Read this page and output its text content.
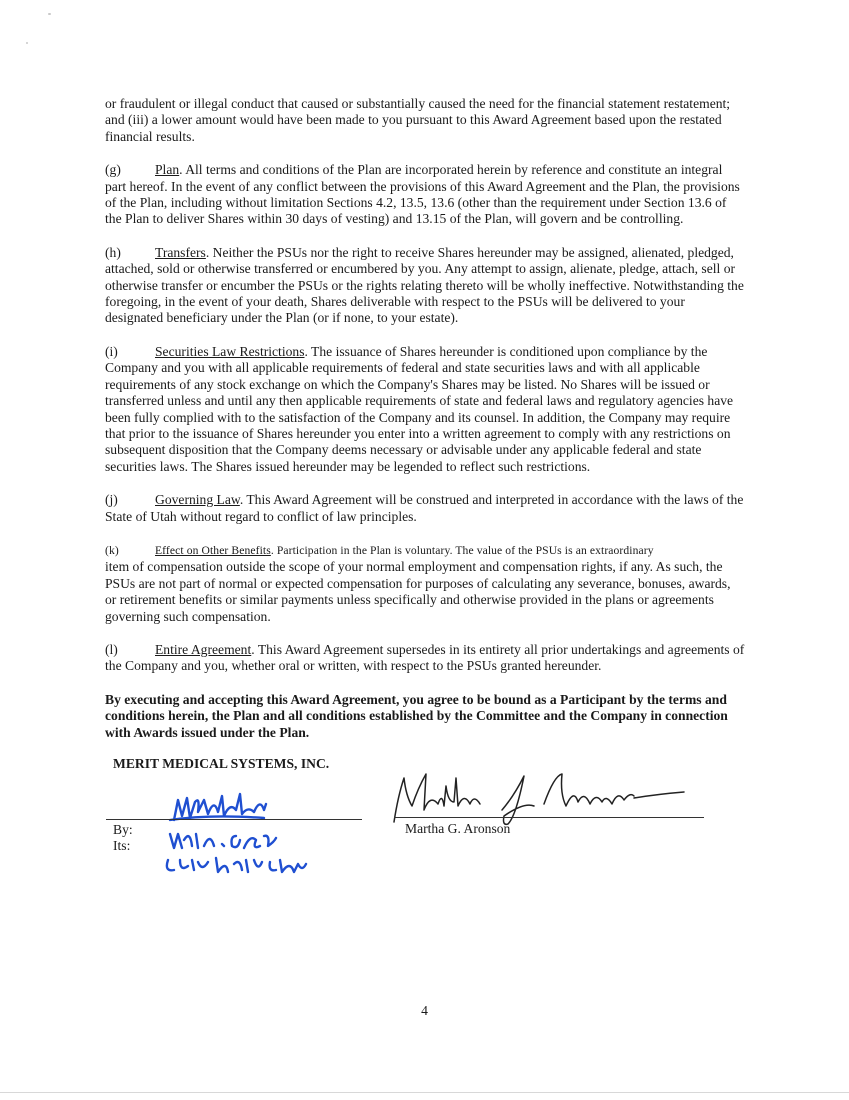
or fraudulent or illegal conduct that caused or substantially caused the need for the financial statement restatement; and (iii) a lower amount would have been made to you pursuant to this Award Agreement based upon the restated financial results.

(g)	Plan. All terms and conditions of the Plan are incorporated herein by reference and constitute an integral part hereof. In the event of any conflict between the provisions of this Award Agreement and the Plan, the provisions of the Plan, including without limitation Sections 4.2, 13.5, 13.6 (other than the requirement under Section 13.6 of the Plan to deliver Shares within 30 days of vesting) and 13.15 of the Plan, will govern and be controlling.

(h)	Transfers. Neither the PSUs nor the right to receive Shares hereunder may be assigned, alienated, pledged, attached, sold or otherwise transferred or encumbered by you. Any attempt to assign, alienate, pledge, attach, sell or otherwise transfer or encumber the PSUs or the rights relating thereto will be wholly ineffective. Notwithstanding the foregoing, in the event of your death, Shares deliverable with respect to the PSUs will be delivered to your designated beneficiary under the Plan (or if none, to your estate).

(i)	Securities Law Restrictions. The issuance of Shares hereunder is conditioned upon compliance by the Company and you with all applicable requirements of federal and state securities laws and with all applicable requirements of any stock exchange on which the Company's Shares may be listed. No Shares will be issued or transferred unless and until any then applicable requirements of state and federal laws and regulatory agencies have been fully complied with to the satisfaction of the Company and its counsel. In addition, the Company may require that prior to the issuance of Shares hereunder you enter into a written agreement to comply with any restrictions on subsequent disposition that the Company deems necessary or advisable under any applicable federal and state securities laws. The Shares issued hereunder may be legended to reflect such restrictions.

(j)	Governing Law. This Award Agreement will be construed and interpreted in accordance with the laws of the State of Utah without regard to conflict of law principles.

(k)	Effect on Other Benefits. Participation in the Plan is voluntary. The value of the PSUs is an extraordinary
item of compensation outside the scope of your normal employment and compensation rights, if any. As such, the PSUs are not part of normal or expected compensation for purposes of calculating any severance, bonuses, awards, or retirement benefits or similar payments unless specifically and otherwise provided in the plans or agreements governing such compensation.

(l)	Entire Agreement. This Award Agreement supersedes in its entirety all prior undertakings and agreements of the Company and you, whether oral or written, with respect to the PSUs granted hereunder.

By executing and accepting this Award Agreement, you agree to be bound as a Participant by the terms and conditions herein, the Plan and all conditions established by the Committee and the Company in connection with Awards issued under the Plan.

MERIT MEDICAL SYSTEMS, INC.
By:
Its:
Martha G. Aronson
4
